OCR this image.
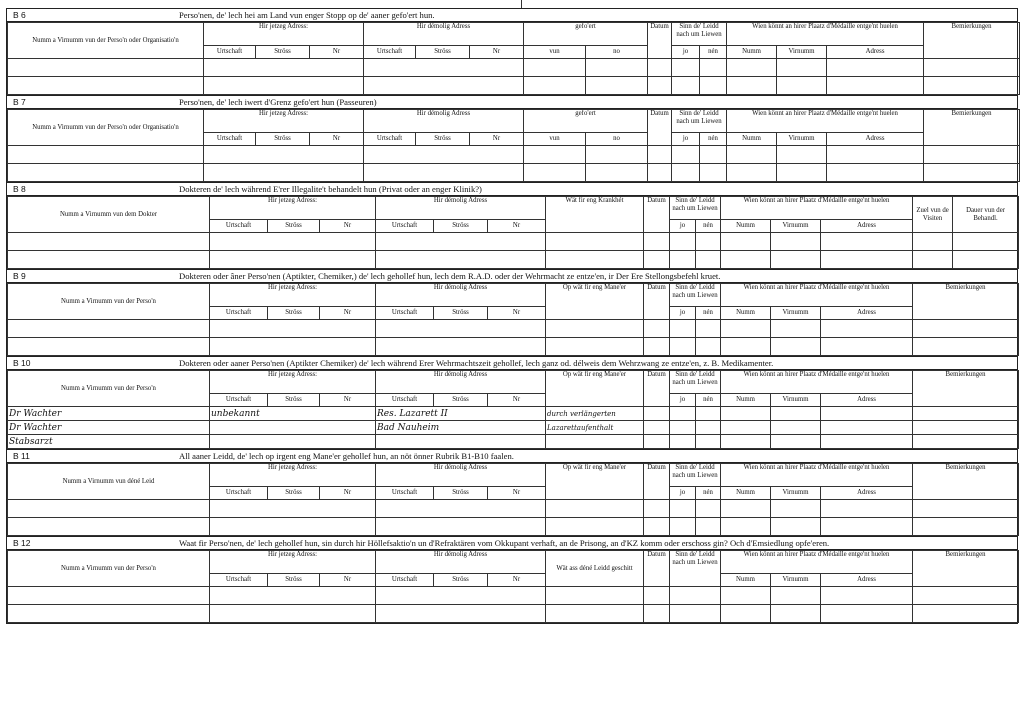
B 6	Perso'nen, de' lech hei am Land vun enger Stopp op de' aaner gefo'ert hun.
Numm a Virnumm vun der Perso'n oder Organisatio'n	Hir jetzeg Adress:			Hir démolig Adress			gefo'ert		Datum	Sinn de' Leidd nach um Liewen		Wien könnt an hirer Plaatz d'Médaille entge'nt huelen			Bemierkungen
	Urtschaft	Ströss	Nr	Urtschaft	Ströss	Nr	vun	no		jo	nén	Numm	Virnumm	Adress	

B 7	Perso'nen, de' lech iwert d'Grenz gefo'ert hun (Passeuren)
Numm a Virnumm vun der Perso'n oder Organisatio'n	Hir jetzeg Adress:			Hir démolig Adress			gefo'ert		Datum	Sinn de' Leidd nach um Liewen		Wien könnt an hirer Plaatz d'Médaille entge'nt huelen			Bemierkungen
	Urtschaft	Ströss	Nr	Urtschaft	Ströss	Nr	vun	no		jo	nén	Numm	Virnumm	Adress	

B 8	Dokteren de' lech während E'rer Illegalite't behandelt hun (Privat oder an enger Klinik?)
Numm a Virnumm vun dem Dokter	Hir jetzeg Adress:			Hir démolig Adress			Wät fir eng Krankhét	Datum	Sinn de' Leidd nach um Liewen		Wien könnt an hirer Plaatz d'Médaille entge'nt huelen			Zuel vun de Visiten	Dauer vun der Behandl.
	Urtschaft	Ströss	Nr	Urtschaft	Ströss	Nr			jo	nén	Numm	Virnumm	Adress		

B 9	Dokteren oder âner Perso'nen (Aptikter, Chemiker,) de' lech gehollef hun, lech dem R.A.D. oder der Wehrmacht ze entze'en, ir Der Ere Stellongsbefehl kruet.
Numm a Virnumm vun der Perso'n	Hir jetzeg Adress:			Hir démolig Adress			Op wät fir eng Mane'er	Datum	Sinn de' Leidd nach um Liewen		Wien könnt an hirer Plaatz d'Médaille entge'nt huelen			Bemierkungen
	Urtschaft	Ströss	Nr	Urtschaft	Ströss	Nr			jo	nén	Numm	Virnumm	Adress	

B 10	Dokteren oder aaner Perso'nen (Aptikter Chemiker) de' lech während Erer Wehrmachtszeit gehollef, lech ganz od. délweis dem Wehrzwang ze entze'en, z. B. Medikamenter.
Numm a Virnumm vun der Perso'n	Hir jetzeg Adress:			Hir démolig Adress			Op wät fir eng Mane'er	Datum	Sinn de' Leidd nach um Liewen		Wien könnt an hirer Plaatz d'Médaille entge'nt huelen			Bemierkungen
	Urtschaft	Ströss	Nr	Urtschaft	Ströss	Nr			jo	nén	Numm	Virnumm	Adress	
Dr Wachter	unbekannt			Res. Lazarett II			durch verlängerten							
Dr Wachter				Bad Nauheim			Lazarettaufenthalt							
Stabsarzt														
B 11	All aaner Leidd, de' lech op irgent eng Mane'er gehollef hun, an nöt önner Rubrik B1-B10 faalen.
Numm a Virnumm vun déné Leid	Hir jetzeg Adress:			Hir démolig Adress			Op wät fir eng Mane'er	Datum	Sinn de' Leidd nach um Liewen		Wien könnt an hirer Plaatz d'Médaille entge'nt huelen			Bemierkungen
	Urtschaft	Ströss	Nr	Urtschaft	Ströss	Nr			jo	nén	Numm	Virnumm	Adress	

B 12	Waat fir Perso'nen, de' lech gehollef hun, sin durch hir Höllefsaktio'n un d'Refraktären vom Okkupant verhaft, an de Prisong, an d'KZ komm oder erschoss gin? Och d'Emsiedlung opfe'eren.
Numm a Virnumm vun der Perso'n	Hir jetzeg Adress:			Hir démolig Adress			Wät ass déné Leidd geschitt	Datum	Sinn de' Leidd nach um Liewen	Wien könnt an hirer Plaatz d'Médaille entge'nt huelen			Bemierkungen
	Urtschaft	Ströss	Nr	Urtschaft	Ströss	Nr				Numm	Virnumm	Adress	
